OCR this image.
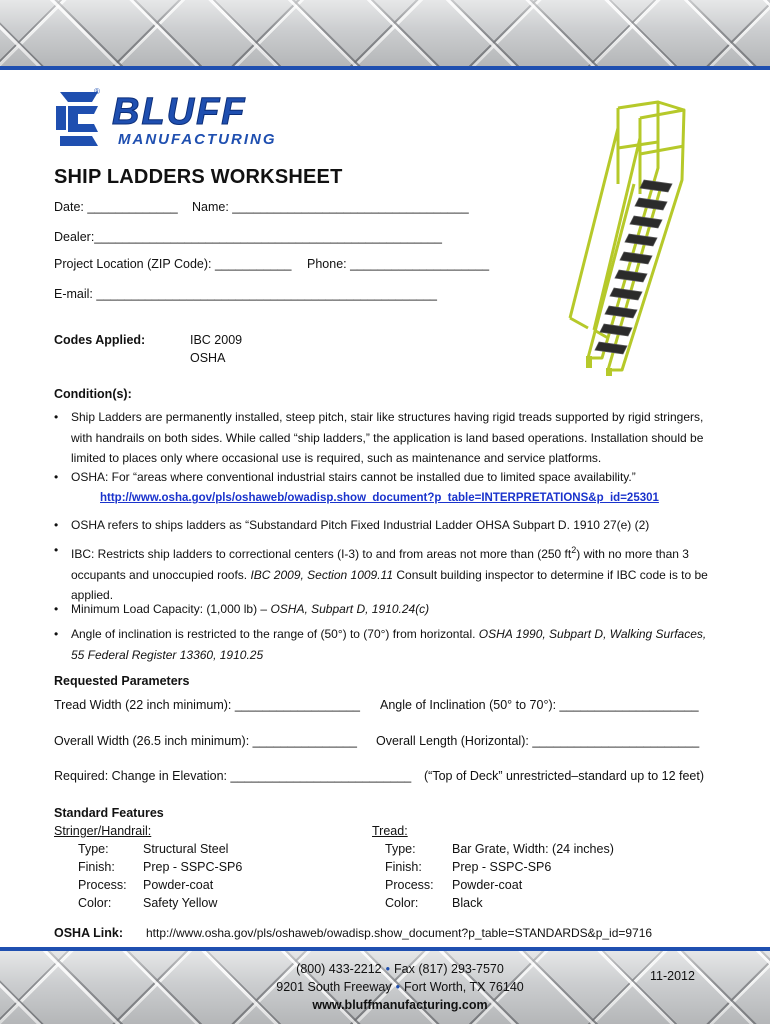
BLUFF
®
MANUFACTURING
SHIP LADDERS WORKSHEET
Date: _____________ Name: __________________________________
Dealer:__________________________________________________
Project Location (ZIP Code): ___________ Phone: ____________________
E-mail: _________________________________________________
Codes Applied:	IBC 2009
OSHA
Condition(s):
• Ship Ladders are permanently installed, steep pitch, stair like structures having rigid treads supported by rigid stringers, with handrails on both sides. While called “ship ladders,” the application is land based operations. Installation should be limited to places only where occasional use is required, such as maintenance and service platforms.
• OSHA: For “areas where conventional industrial stairs cannot be installed due to limited space availability.”
http://www.osha.gov/pls/oshaweb/owadisp.show_document?p_table=INTERPRETATIONS&p_id=25301
• OSHA refers to ships ladders as “Substandard Pitch Fixed Industrial Ladder OHSA Subpart D. 1910 27(e) (2)
• IBC: Restricts ship ladders to correctional centers (I-3) to and from areas not more than (250 $ft^2$) with no more than 3 occupants and unoccupied roofs. IBC 2009, Section 1009.11 Consult building inspector to determine if IBC code is to be applied.
• Minimum Load Capacity: (1,000 lb) – OSHA, Subpart D, 1910.24(c)
• Angle of inclination is restricted to the range of (50°) to (70°) from horizontal. OSHA 1990, Subpart D, Walking Surfaces, 55 Federal Register 13360, 1910.25
Requested Parameters
Tread Width (22 inch minimum): __________________ Angle of Inclination (50° to 70°): ____________________
Overall Width (26.5 inch minimum): _______________ Overall Length (Horizontal): ________________________
Required: Change in Elevation: __________________________ (“Top of Deck” unrestricted–standard up to 12 feet)
Standard Features
Stringer/Handrail:	Tread:
Type:	Structural Steel
Finish: Prep - SSPC-SP6
Process: Powder-coat
Color:	Safety Yellow
Type:	Bar Grate, Width: (24 inches)
Finish: Prep - SSPC-SP6
Process: Powder-coat
Color:	Black
OSHA Link: http://www.osha.gov/pls/oshaweb/owadisp.show_document?p_table=STANDARDS&p_id=9716
(800) 433-2212 • Fax (817) 293-7570
9201 South Freeway • Fort Worth, TX 76140
www.bluffmanufacturing.com
11-2012
